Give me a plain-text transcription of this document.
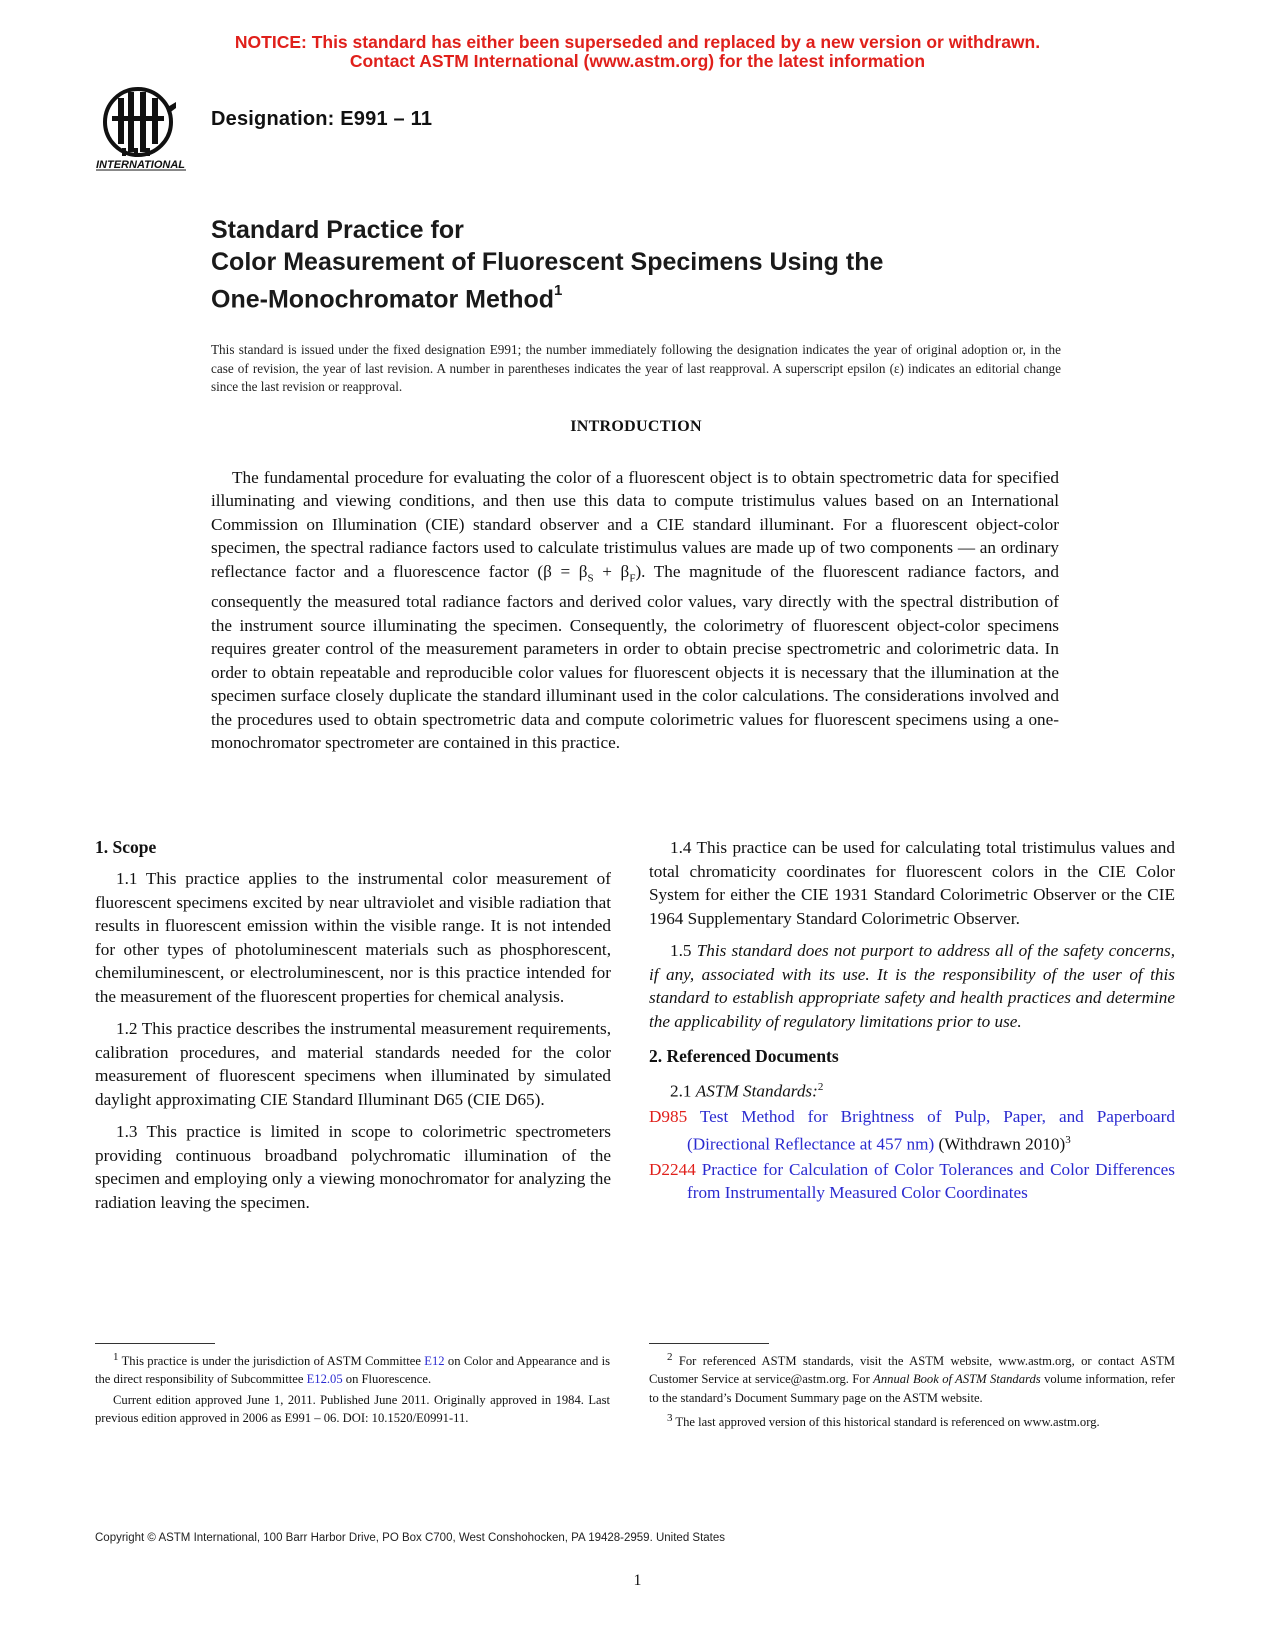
NOTICE: This standard has either been superseded and replaced by a new version or withdrawn.
Contact ASTM International (www.astm.org) for the latest information
INTERNATIONAL
Designation: E991 – 11
Standard Practice for
Color Measurement of Fluorescent Specimens Using the
One-Monochromator Method$^1$
This standard is issued under the fixed designation E991; the number immediately following the designation indicates the year of original adoption or, in the case of revision, the year of last revision. A number in parentheses indicates the year of last reapproval. A superscript epsilon (ε) indicates an editorial change since the last revision or reapproval.
INTRODUCTION
The fundamental procedure for evaluating the color of a fluorescent object is to obtain spectrometric data for specified illuminating and viewing conditions, and then use this data to compute tristimulus values based on an International Commission on Illumination (CIE) standard observer and a CIE standard illuminant. For a fluorescent object-color specimen, the spectral radiance factors used to calculate tristimulus values are made up of two components — an ordinary reflectance factor and a fluorescence factor $(\beta = \beta_S + \beta_F)$. The magnitude of the fluorescent radiance factors, and consequently the measured total radiance factors and derived color values, vary directly with the spectral distribution of the instrument source illuminating the specimen. Consequently, the colorimetry of fluorescent object-color specimens requires greater control of the measurement parameters in order to obtain precise spectrometric and colorimetric data. In order to obtain repeatable and reproducible color values for fluorescent objects it is necessary that the illumination at the specimen surface closely duplicate the standard illuminant used in the color calculations. The considerations involved and the procedures used to obtain spectrometric data and compute colorimetric values for fluorescent specimens using a one-monochromator spectrometer are contained in this practice.
1. Scope

1.1 This practice applies to the instrumental color measurement of fluorescent specimens excited by near ultraviolet and visible radiation that results in fluorescent emission within the visible range. It is not intended for other types of photoluminescent materials such as phosphorescent, chemiluminescent, or electroluminescent, nor is this practice intended for the measurement of the fluorescent properties for chemical analysis.

1.2 This practice describes the instrumental measurement requirements, calibration procedures, and material standards needed for the color measurement of fluorescent specimens when illuminated by simulated daylight approximating CIE Standard Illuminant D65 (CIE D65).

1.3 This practice is limited in scope to colorimetric spectrometers providing continuous broadband polychromatic illumination of the specimen and employing only a viewing monochromator for analyzing the radiation leaving the specimen.

1.4 This practice can be used for calculating total tristimulus values and total chromaticity coordinates for fluorescent colors in the CIE Color System for either the CIE 1931 Standard Colorimetric Observer or the CIE 1964 Supplementary Standard Colorimetric Observer.

1.5 This standard does not purport to address all of the safety concerns, if any, associated with its use. It is the responsibility of the user of this standard to establish appropriate safety and health practices and determine the applicability of regulatory limitations prior to use.

2. Referenced Documents

2.1 ASTM Standards:$^2$

D985 Test Method for Brightness of Pulp, Paper, and Paperboard (Directional Reflectance at 457 nm) (Withdrawn 2010)$^3$
D2244 Practice for Calculation of Color Tolerances and Color Differences from Instrumentally Measured Color Coordinates

$^1$ This practice is under the jurisdiction of ASTM Committee E12 on Color and Appearance and is the direct responsibility of Subcommittee E12.05 on Fluorescence.

Current edition approved June 1, 2011. Published June 2011. Originally approved in 1984. Last previous edition approved in 2006 as E991 – 06. DOI: 10.1520/E0991-11.

$^2$ For referenced ASTM standards, visit the ASTM website, www.astm.org, or contact ASTM Customer Service at service@astm.org. For Annual Book of ASTM Standards volume information, refer to the standard’s Document Summary page on the ASTM website.

$^3$ The last approved version of this historical standard is referenced on www.astm.org.

Copyright © ASTM International, 100 Barr Harbor Drive, PO Box C700, West Conshohocken, PA 19428-2959. United States
1
